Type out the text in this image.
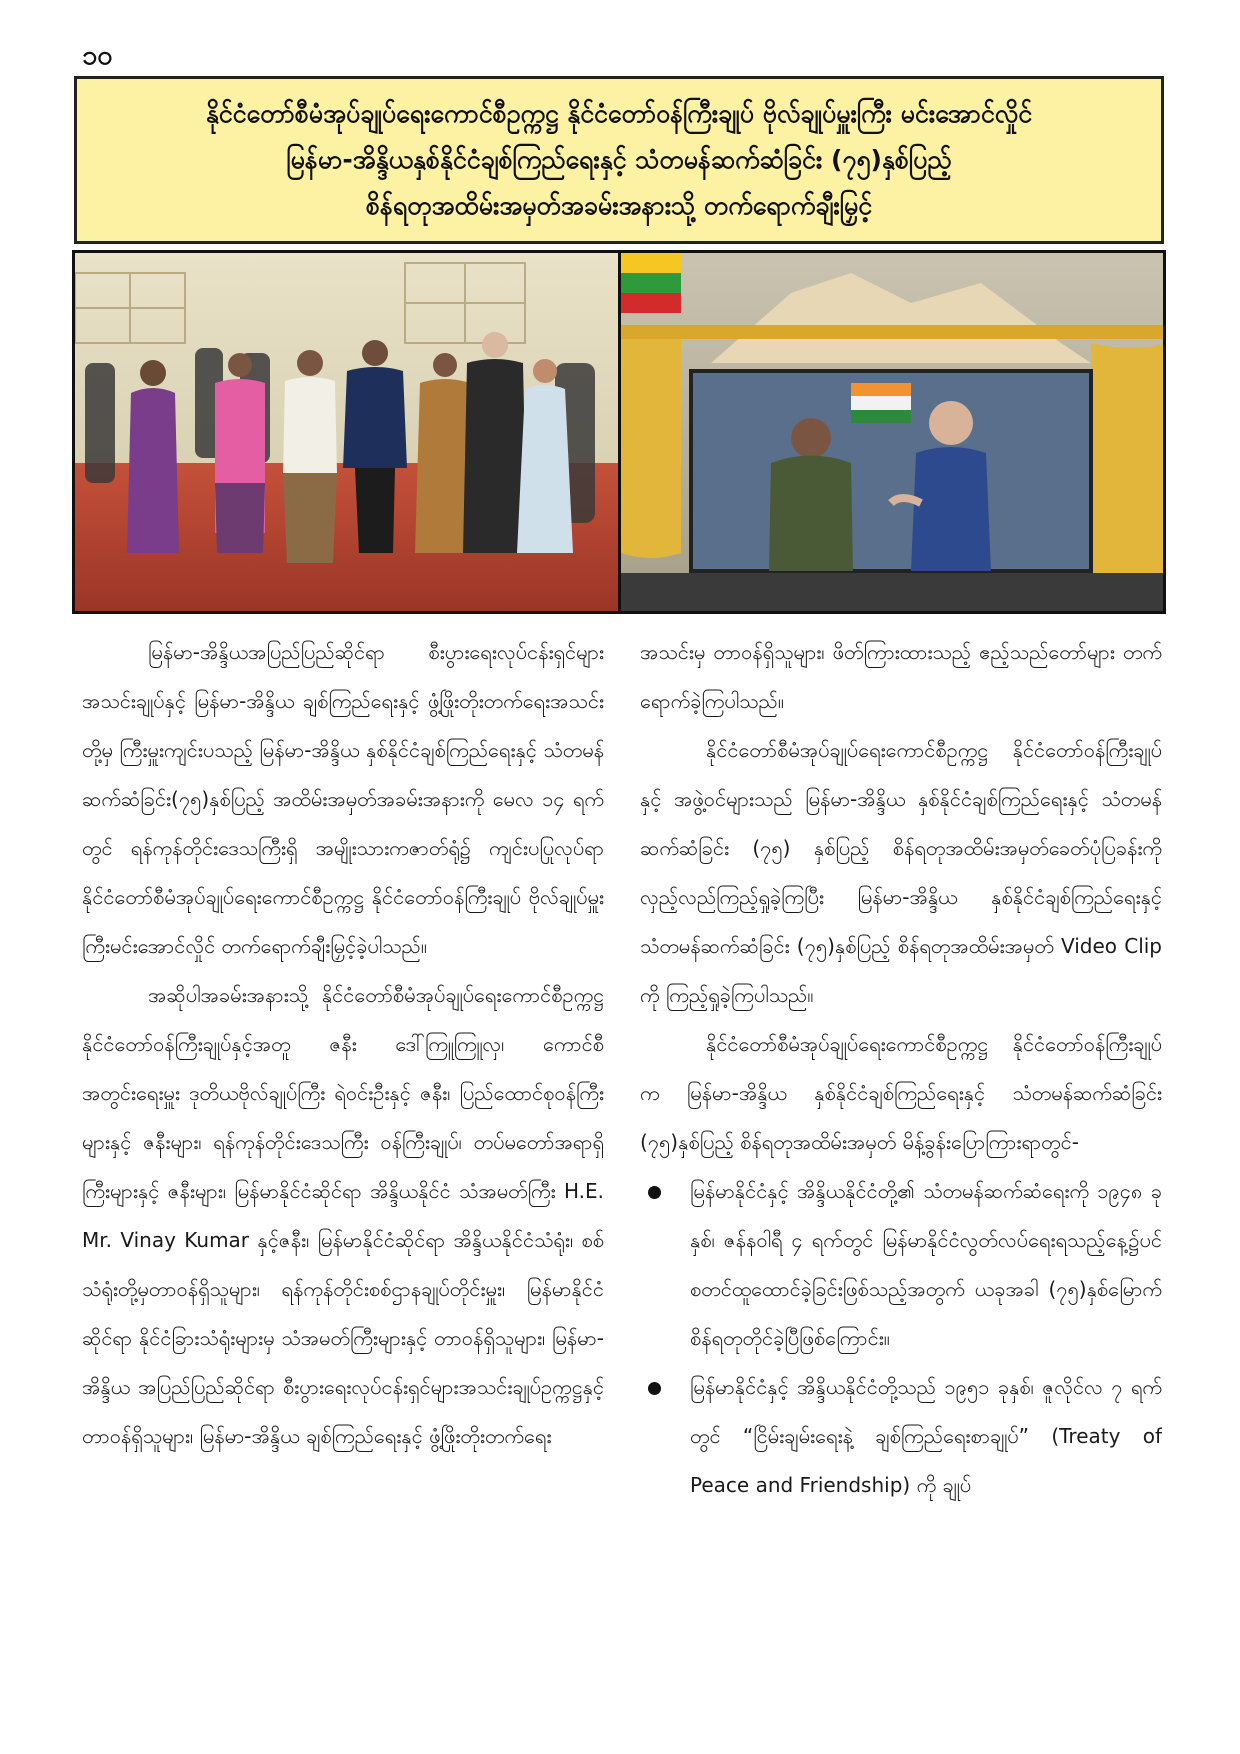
၁၀
နိုင်ငံတော်စီမံအုပ်ချုပ်ရေးကောင်စီဥက္ကဋ္ဌ နိုင်ငံတော်ဝန်ကြီးချုပ် ဗိုလ်ချုပ်မှူးကြီး မင်းအောင်လှိုင်
မြန်မာ-အိန္ဒိယနှစ်နိုင်ငံချစ်ကြည်ရေးနှင့် သံတမန်ဆက်ဆံခြင်း (၇၅)နှစ်ပြည့်
စိန်ရတုအထိမ်းအမှတ်အခမ်းအနားသို့ တက်ရောက်ချီးမြှင့်

မြန်မာ-အိန္ဒိယအပြည်ပြည်ဆိုင်ရာ စီးပွားရေးလုပ်ငန်းရှင်များအသင်းချုပ်နှင့် မြန်မာ-အိန္ဒိယ ချစ်ကြည်ရေးနှင့် ဖွံ့ဖြိုးတိုးတက်ရေးအသင်းတို့မှ ကြီးမှူးကျင်းပသည့် မြန်မာ-အိန္ဒိယ နှစ်နိုင်ငံချစ်ကြည်ရေးနှင့် သံတမန်ဆက်ဆံခြင်း(၇၅)နှစ်ပြည့် အထိမ်းအမှတ်အခမ်းအနားကို မေလ ၁၄ ရက်တွင် ရန်ကုန်တိုင်းဒေသကြီးရှိ အမျိုးသားကဇာတ်ရုံ၌ ကျင်းပပြုလုပ်ရာ နိုင်ငံတော်စီမံအုပ်ချုပ်ရေးကောင်စီဥက္ကဋ္ဌ နိုင်ငံတော်ဝန်ကြီးချုပ် ဗိုလ်ချုပ်မှူးကြီးမင်းအောင်လှိုင် တက်ရောက်ချီးမြှင့်ခဲ့ပါသည်။

အဆိုပါအခမ်းအနားသို့ နိုင်ငံတော်စီမံအုပ်ချုပ်ရေးကောင်စီဥက္ကဋ္ဌ နိုင်ငံတော်ဝန်ကြီးချုပ်နှင့်အတူ ဇနီး ဒေါ်ကြူကြူလှ၊ ကောင်စီအတွင်းရေးမှူး ဒုတိယဗိုလ်ချုပ်ကြီး ရဲဝင်းဦးနှင့် ဇနီး၊ ပြည်ထောင်စုဝန်ကြီးများနှင့် ဇနီးများ၊ ရန်ကုန်တိုင်းဒေသကြီး ဝန်ကြီးချုပ်၊ တပ်မတော်အရာရှိကြီးများနှင့် ဇနီးများ၊ မြန်မာနိုင်ငံဆိုင်ရာ အိန္ဒိယနိုင်ငံ သံအမတ်ကြီး H.E. Mr. Vinay Kumar နှင့်ဇနီး၊ မြန်မာနိုင်ငံဆိုင်ရာ အိန္ဒိယနိုင်ငံသံရုံး၊ စစ်သံရုံးတို့မှတာဝန်ရှိသူများ၊ ရန်ကုန်တိုင်းစစ်ဌာနချုပ်တိုင်းမှူး၊ မြန်မာနိုင်ငံဆိုင်ရာ နိုင်ငံခြားသံရုံးများမှ သံအမတ်ကြီးများနှင့် တာဝန်ရှိသူများ၊ မြန်မာ-အိန္ဒိယ အပြည်ပြည်ဆိုင်ရာ စီးပွားရေးလုပ်ငန်းရှင်များအသင်းချုပ်ဥက္ကဋ္ဌနှင့် တာဝန်ရှိသူများ၊ မြန်မာ-အိန္ဒိယ ချစ်ကြည်ရေးနှင့် ဖွံ့ဖြိုးတိုးတက်ရေး

အသင်းမှ တာဝန်ရှိသူများ၊ ဖိတ်ကြားထားသည့် ဧည့်သည်တော်များ တက်ရောက်ခဲ့ကြပါသည်။

နိုင်ငံတော်စီမံအုပ်ချုပ်ရေးကောင်စီဥက္ကဋ္ဌ နိုင်ငံတော်ဝန်ကြီးချုပ်နှင့် အဖွဲ့ဝင်များသည် မြန်မာ-အိန္ဒိယ နှစ်နိုင်ငံချစ်ကြည်ရေးနှင့် သံတမန်ဆက်ဆံခြင်း (၇၅) နှစ်ပြည့် စိန်ရတုအထိမ်းအမှတ်ခေတ်ပုံပြခန်းကို လှည့်လည်ကြည့်ရှုခဲ့ကြပြီး မြန်မာ-အိန္ဒိယ နှစ်နိုင်ငံချစ်ကြည်ရေးနှင့် သံတမန်ဆက်ဆံခြင်း (၇၅)နှစ်ပြည့် စိန်ရတုအထိမ်းအမှတ် Video Clip ကို ကြည့်ရှုခဲ့ကြပါသည်။

နိုင်ငံတော်စီမံအုပ်ချုပ်ရေးကောင်စီဥက္ကဋ္ဌ နိုင်ငံတော်ဝန်ကြီးချုပ်က မြန်မာ-အိန္ဒိယ နှစ်နိုင်ငံချစ်ကြည်ရေးနှင့် သံတမန်ဆက်ဆံခြင်း (၇၅)နှစ်ပြည့် စိန်ရတုအထိမ်းအမှတ် မိန့်ခွန်းပြောကြားရာတွင်-

မြန်မာနိုင်ငံနှင့် အိန္ဒိယနိုင်ငံတို့၏ သံတမန်ဆက်ဆံရေးကို ၁၉၄၈ ခုနှစ်၊ ဇန်နဝါရီ ၄ ရက်တွင် မြန်မာနိုင်ငံလွတ်လပ်ရေးရသည့်နေ့၌ပင် စတင်ထူထောင်ခဲ့ခြင်းဖြစ်သည့်အတွက် ယခုအခါ (၇၅)နှစ်မြောက် စိန်ရတုတိုင်ခဲ့ပြီဖြစ်ကြောင်း။

မြန်မာနိုင်ငံနှင့် အိန္ဒိယနိုင်ငံတို့သည် ၁၉၅၁ ခုနှစ်၊ ဇူလိုင်လ ၇ ရက်တွင် “ငြိမ်းချမ်းရေးနဲ့ ချစ်ကြည်ရေးစာချုပ်” (Treaty of Peace and Friendship) ကို ချုပ်
